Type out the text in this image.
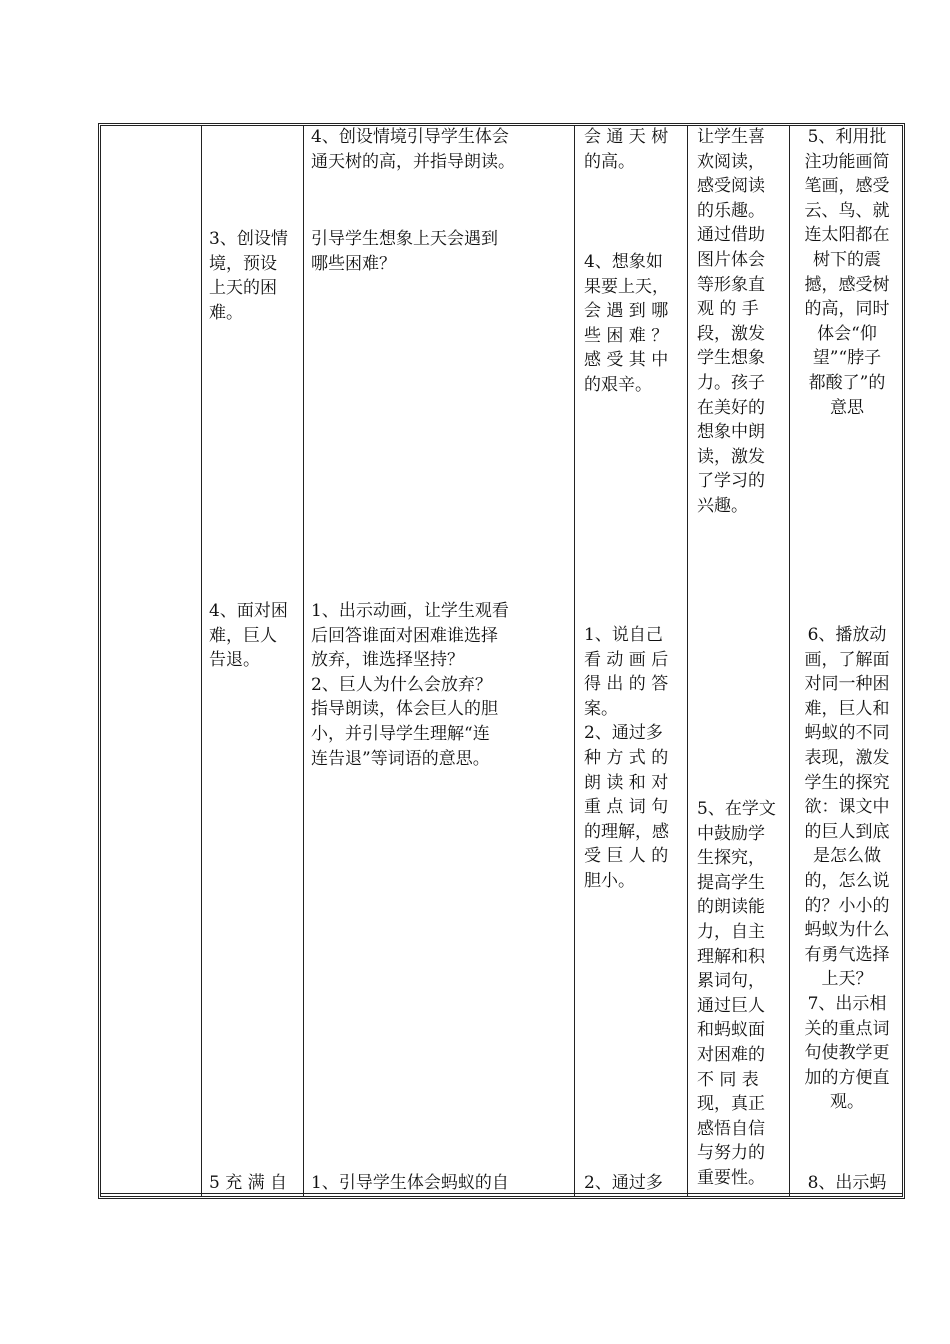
3、创设情
境，预设
上天的困
难。
4、面对困
难，巨人
告退。
5 充 满 自
4、创设情境引导学生体会
通天树的高，并指导朗读。
引导学生想象上天会遇到
哪些困难？
1、出示动画，让学生观看
后回答谁面对困难谁选择
放弃，谁选择坚持？
2、巨人为什么会放弃？
指导朗读，体会巨人的胆
小，并引导学生理解“连
连告退”等词语的意思。
1、引导学生体会蚂蚁的自
会 通 天 树
的高。
4、想象如
果要上天，
会 遇 到 哪
些 困 难 ？
感 受 其 中
的艰辛。
1、说自己
看 动 画 后
得 出 的 答
案。
2、通过多
种 方 式 的
朗 读 和 对
重 点 词 句
的理解，感
受 巨 人 的
胆小。
2、通过多
让学生喜
欢阅读，
感受阅读
的乐趣。
通过借助
图片体会
等形象直
观 的 手
段，激发
学生想象
力。孩子
在美好的
想象中朗
读，激发
了学习的
兴趣。
5、在学文
中鼓励学
生探究，
提高学生
的朗读能
力，自主
理解和积
累词句，
通过巨人
和蚂蚁面
对困难的
不 同 表
现，真正
感悟自信
与努力的
重要性。
5、利用批
注功能画简
笔画，感受
云、鸟、就
连太阳都在
树下的震
撼，感受树
的高，同时
体会“仰
望”“脖子
都酸了”的
意思
6、播放动
画，了解面
对同一种困
难，巨人和
蚂蚁的不同
表现，激发
学生的探究
欲：课文中
的巨人到底
是怎么做
的，怎么说
的？小小的
蚂蚁为什么
有勇气选择
上天？
7、出示相
关的重点词
句使教学更
加的方便直
观。
8、出示蚂
